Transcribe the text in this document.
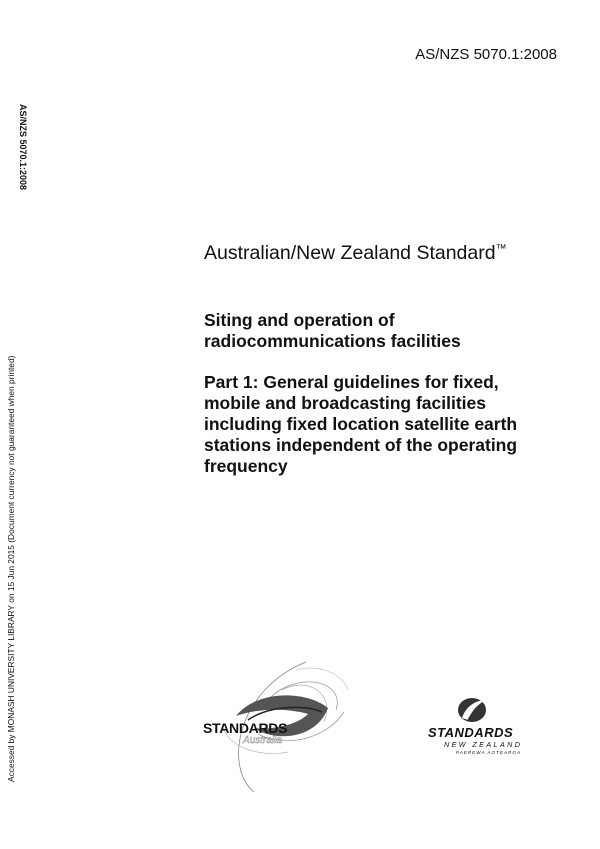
AS/NZS 5070.1:2008
AS/NZS 5070.1:2008
Accessed by MONASH UNIVERSITY LIBRARY on 15 Jun 2015 (Document currency not guaranteed when printed)
Australian/New Zealand Standard™
Siting and operation of
radiocommunications facilities
Part 1: General guidelines for fixed,
mobile and broadcasting facilities
including fixed location satellite earth
stations independent of the operating
frequency
STANDARDS
Australia
STANDARDS
NEW ZEALAND
PAEREWA AOTEAROA
